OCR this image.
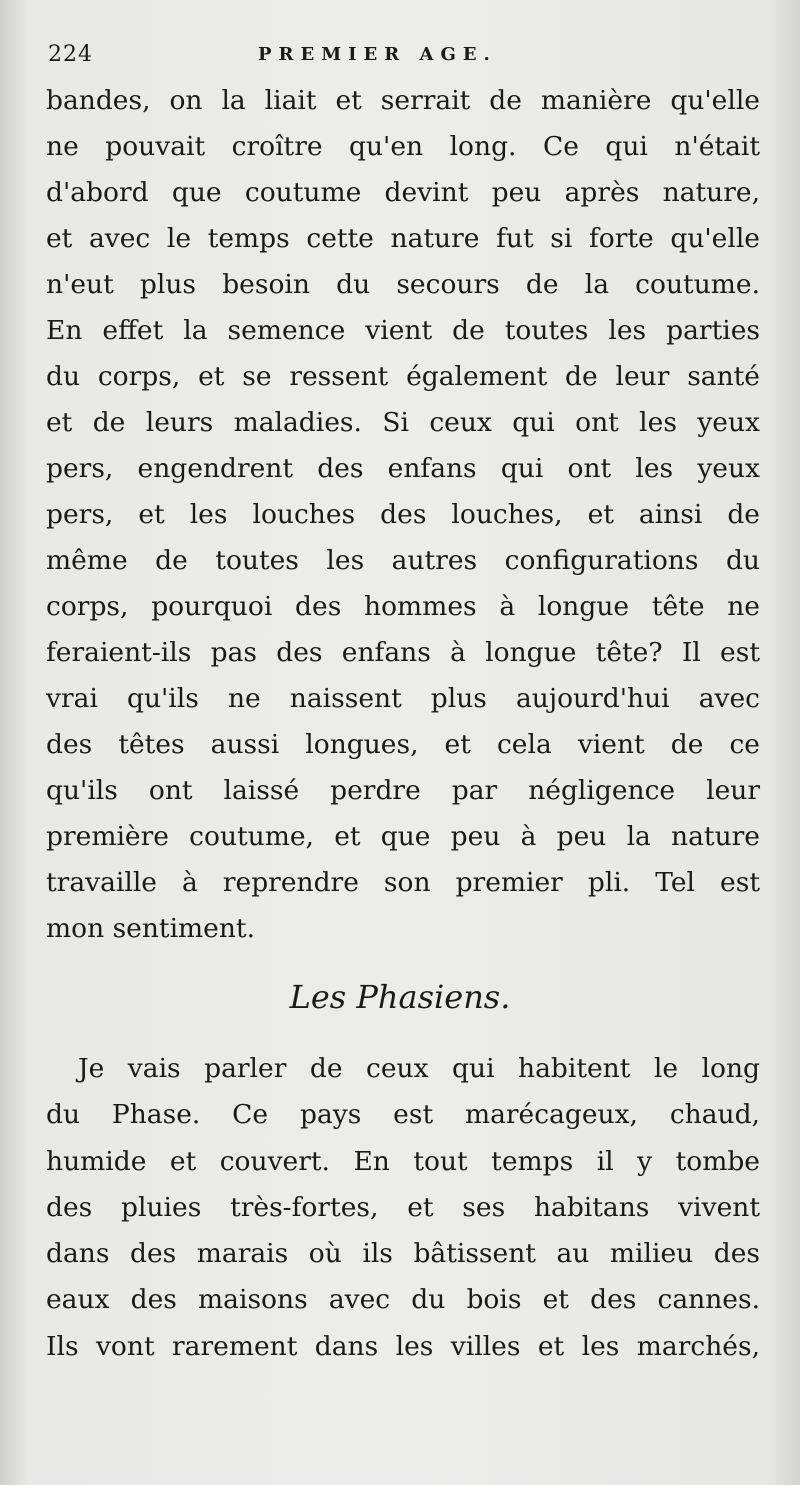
224	PREMIER AGE.
bandes, on la liait et serrait de manière qu'elle
ne pouvait croître qu'en long. Ce qui n'était
d'abord que coutume devint peu après nature,
et avec le temps cette nature fut si forte qu'elle
n'eut plus besoin du secours de la coutume.
En effet la semence vient de toutes les parties
du corps, et se ressent également de leur santé
et de leurs maladies. Si ceux qui ont les yeux
pers, engendrent des enfans qui ont les yeux
pers, et les louches des louches, et ainsi de
même de toutes les autres configurations du
corps, pourquoi des hommes à longue tête ne
feraient-ils pas des enfans à longue tête? Il est
vrai qu'ils ne naissent plus aujourd'hui avec
des têtes aussi longues, et cela vient de ce
qu'ils ont laissé perdre par négligence leur
première coutume, et que peu à peu la nature
travaille à reprendre son premier pli. Tel est
mon sentiment.
Les Phasiens.
Je vais parler de ceux qui habitent le long
du Phase. Ce pays est marécageux, chaud,
humide et couvert. En tout temps il y tombe
des pluies très-fortes, et ses habitans vivent
dans des marais où ils bâtissent au milieu des
eaux des maisons avec du bois et des cannes.
Ils vont rarement dans les villes et les marchés,
